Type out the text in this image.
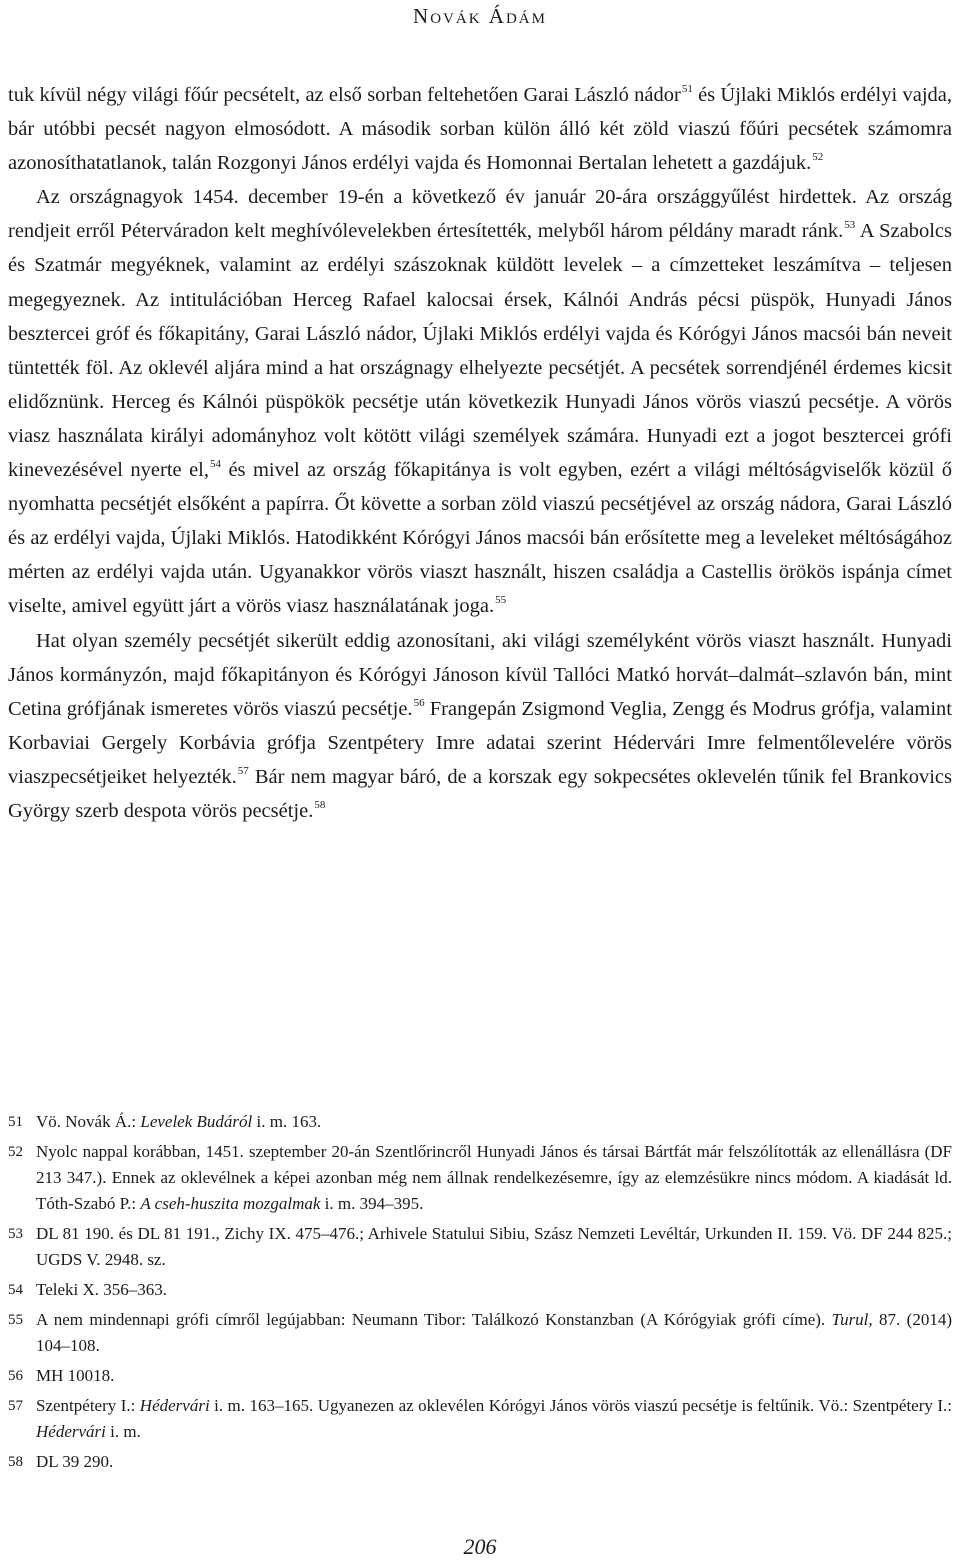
Novák Ádám

tuk kívül négy világi főúr pecsételt, az első sorban feltehetően Garai László nádor$^{51}$ és Újlaki Miklós erdélyi vajda, bár utóbbi pecsét nagyon elmosódott. A második sorban külön álló két zöld viaszú főúri pecsétek számomra azonosíthatatlanok, talán Rozgonyi János erdélyi vajda és Homonnai Bertalan lehetett a gazdájuk.$^{52}$

Az országnagyok 1454. december 19-én a következő év január 20-ára országgyűlést hirdettek. Az ország rendjeit erről Péterváradon kelt meghívólevelekben értesítették, melyből három példány maradt ránk.$^{53}$ A Szabolcs és Szatmár megyéknek, valamint az erdélyi szászoknak küldött levelek – a címzetteket leszámítva – teljesen megegyeznek. Az intitulációban Herceg Rafael kalocsai érsek, Kálnói András pécsi püspök, Hunyadi János besztercei gróf és főkapitány, Garai László nádor, Újlaki Miklós erdélyi vajda és Kórógyi János macsói bán neveit tüntették föl. Az oklevél aljára mind a hat országnagy elhelyezte pecsétjét. A pecsétek sorrendjénél érdemes kicsit elidőznünk. Herceg és Kálnói püspökök pecsétje után következik Hunyadi János vörös viaszú pecsétje. A vörös viasz használata királyi adományhoz volt kötött világi személyek számára. Hunyadi ezt a jogot besztercei grófi kinevezésével nyerte el,$^{54}$ és mivel az ország főkapitánya is volt egyben, ezért a világi méltóságviselők közül ő nyomhatta pecsétjét elsőként a papírra. Őt követte a sorban zöld viaszú pecsétjével az ország nádora, Garai László és az erdélyi vajda, Újlaki Miklós. Hatodikként Kórógyi János macsói bán erősítette meg a leveleket méltóságához mérten az erdélyi vajda után. Ugyanakkor vörös viaszt használt, hiszen családja a Castellis örökös ispánja címet viselte, amivel együtt járt a vörös viasz használatának joga.$^{55}$

Hat olyan személy pecsétjét sikerült eddig azonosítani, aki világi személyként vörös viaszt használt. Hunyadi János kormányzón, majd főkapitányon és Kórógyi Jánoson kívül Tallóci Matkó horvát–dalmát–szlavón bán, mint Cetina grófjának ismeretes vörös viaszú pecsétje.$^{56}$ Frangepán Zsigmond Veglia, Zengg és Modrus grófja, valamint Korbaviai Gergely Korbávia grófja Szentpétery Imre adatai szerint Hédervári Imre felmentőlevelére vörös viaszpecsétjeiket helyezték.$^{57}$ Bár nem magyar báró, de a korszak egy sokpecsétes oklevelén tűnik fel Brankovics György szerb despota vörös pecsétje.$^{58}$

51 Vö. Novák Á.: Levelek Budáról i. m. 163.
52 Nyolc nappal korábban, 1451. szeptember 20-án Szentlőrincről Hunyadi János és társai Bártfát már felszólították az ellenállásra (DF 213 347.). Ennek az oklevélnek a képei azonban még nem állnak rendelkezésemre, így az elemzésükre nincs módom. A kiadását ld. Tóth-Szabó P.: A cseh-huszita mozgalmak i. m. 394–395.
53 DL 81 190. és DL 81 191., Zichy IX. 475–476.; Arhivele Statului Sibiu, Szász Nemzeti Levéltár, Urkunden II. 159. Vö. DF 244 825.; UGDS V. 2948. sz.
54 Teleki X. 356–363.
55 A nem mindennapi grófi címről legújabban: Neumann Tibor: Találkozó Konstanzban (A Kórógyiak grófi címe). Turul, 87. (2014) 104–108.
56 MH 10018.
57 Szentpétery I.: Hédervári i. m. 163–165. Ugyanezen az oklevélen Kórógyi János vörös viaszú pecsétje is feltűnik. Vö.: Szentpétery I.: Hédervári i. m.
58 DL 39 290.
206
